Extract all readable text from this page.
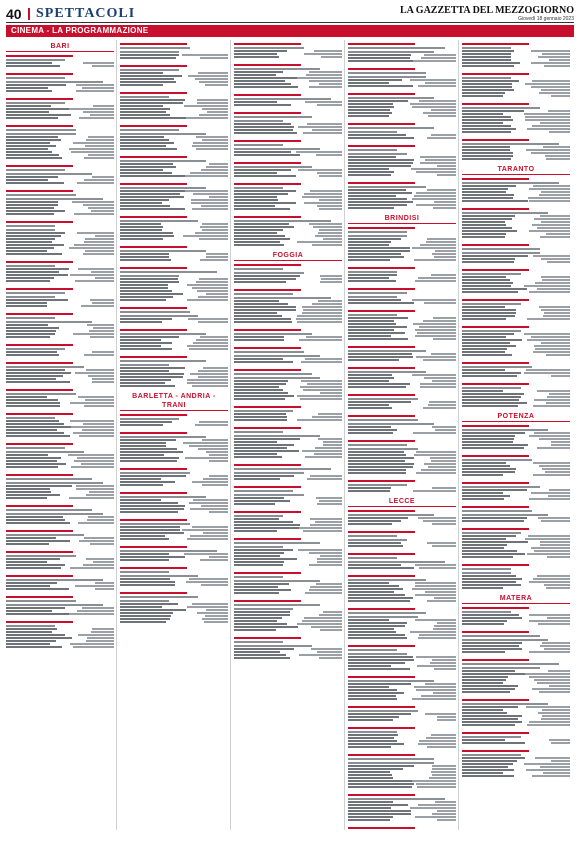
40 SPETTACOLI	LA GAZZETTA DEL MEZZOGIORNO
Giovedì 18 gennaio 2023
CINEMA - LA PROGRAMMAZIONE
BARI
BARLETTA - ANDRIA - TRANI
FOGGIA
BRINDISI
LECCE
TARANTO
POTENZA
MATERA
